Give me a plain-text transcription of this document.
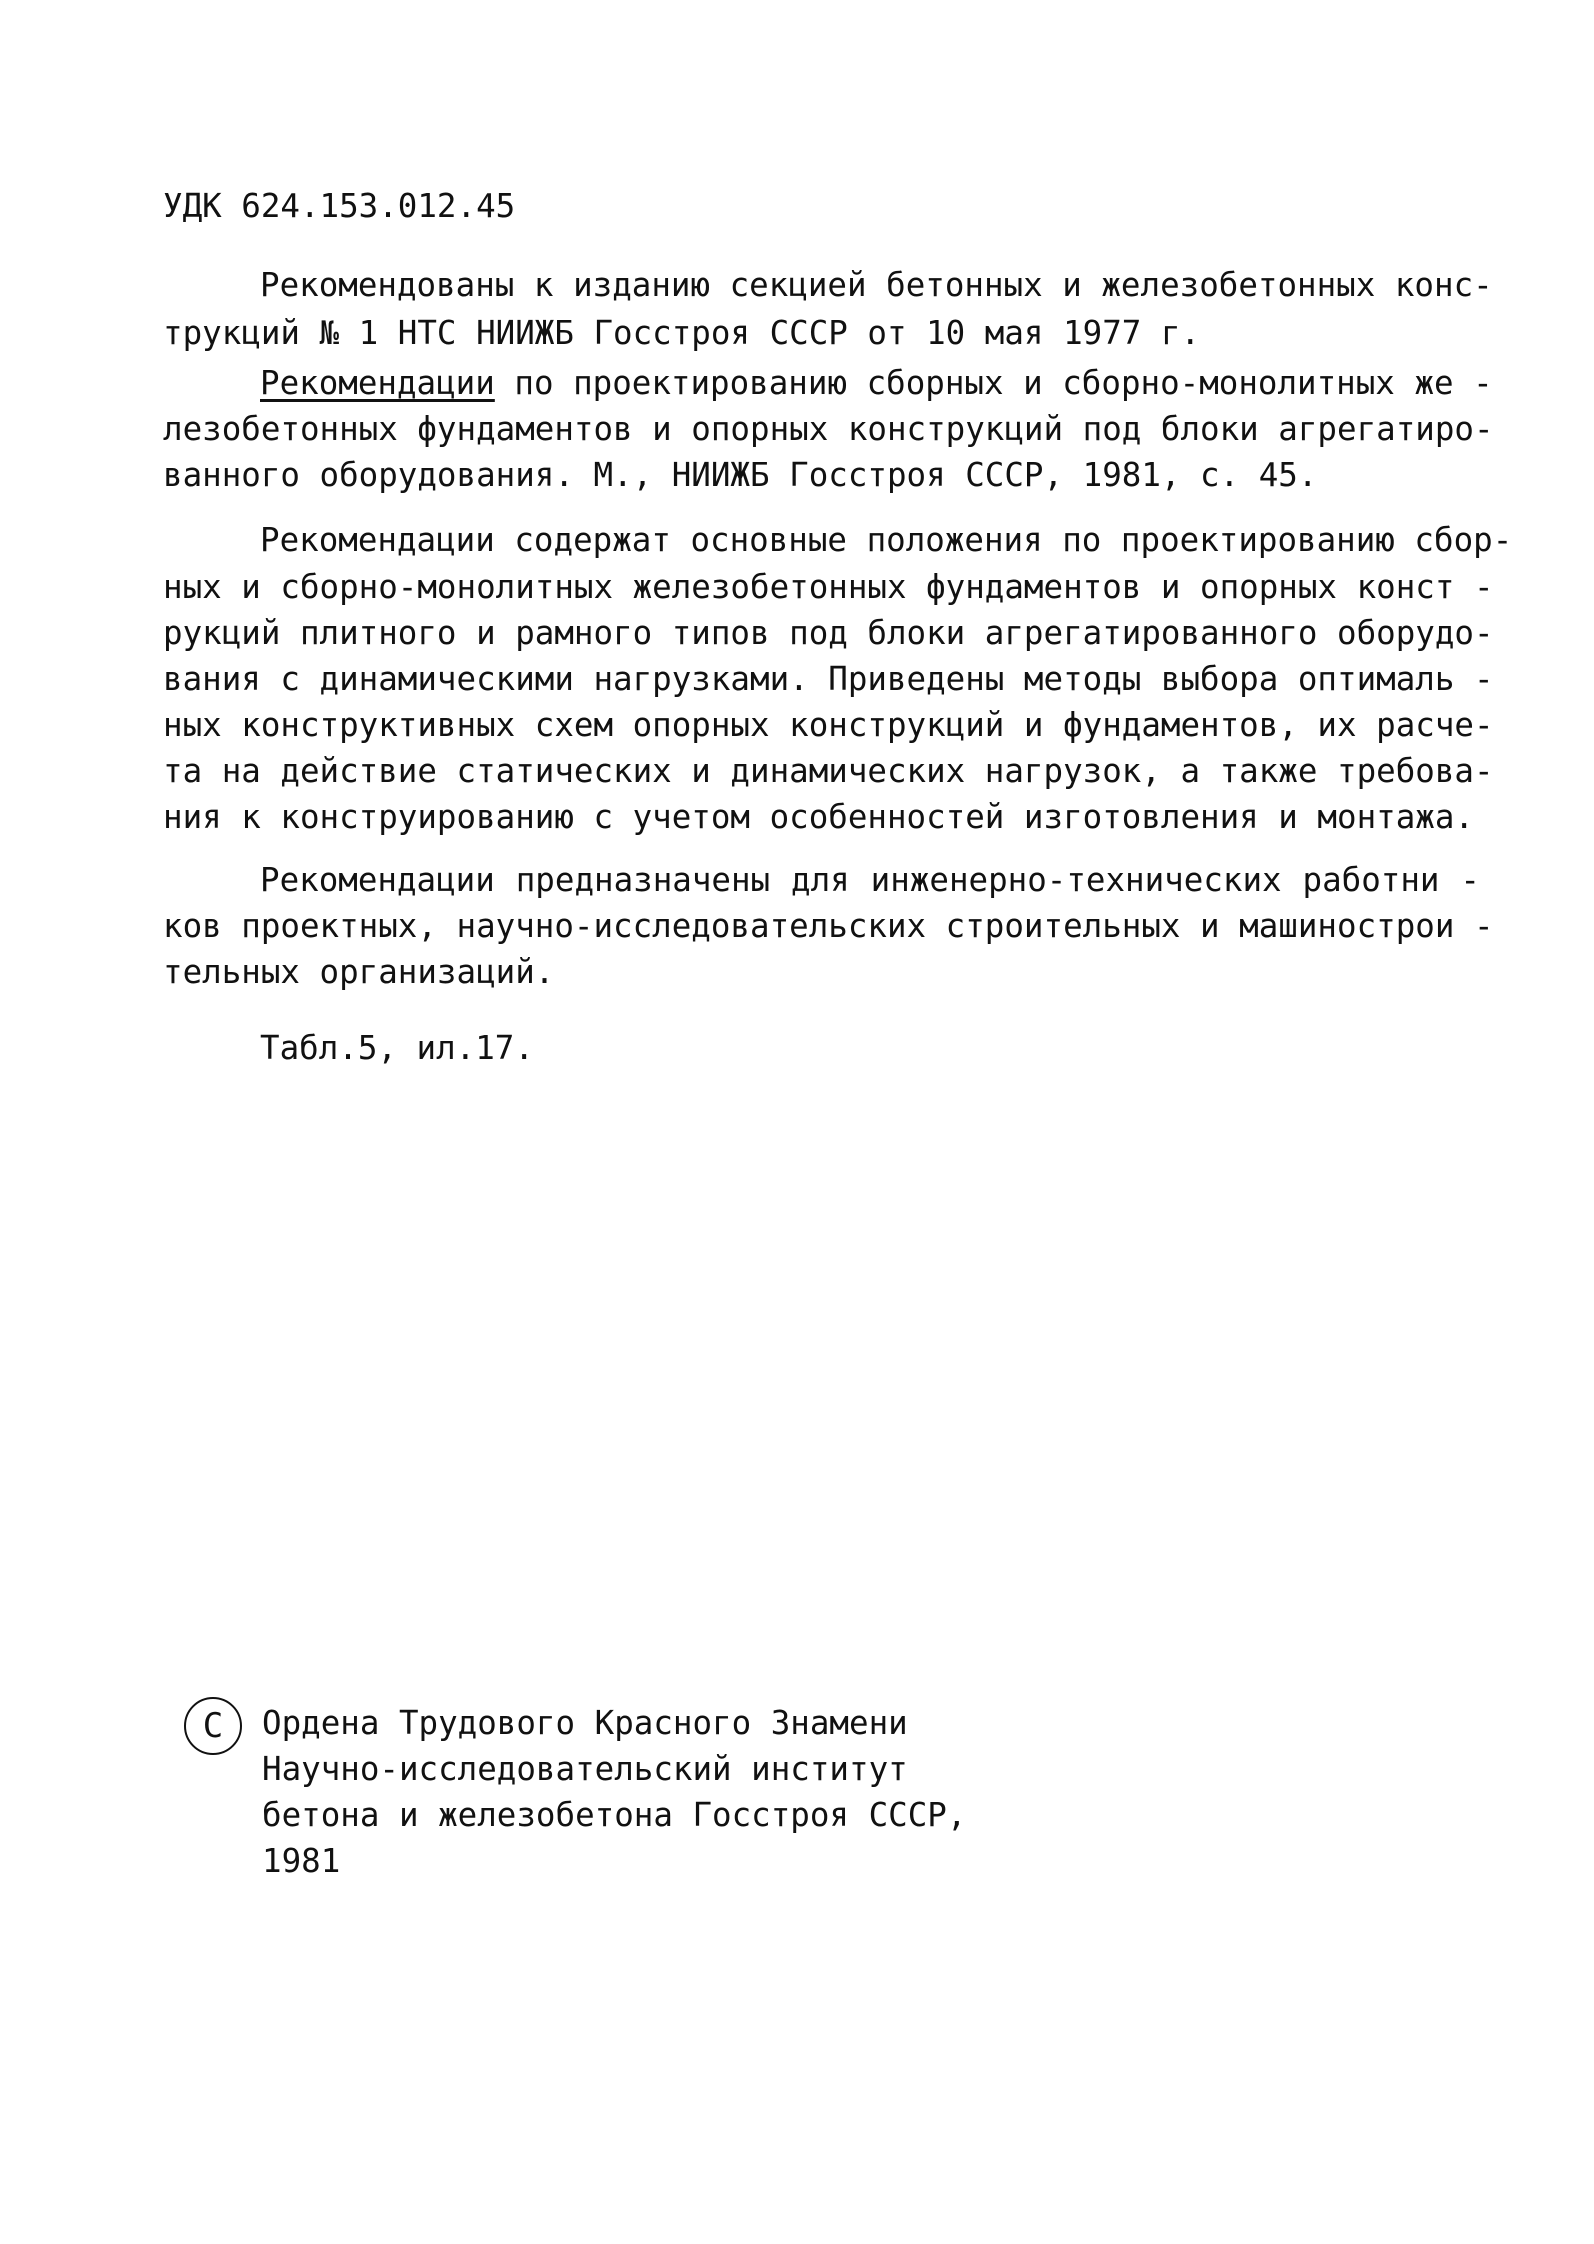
УДК 624.153.012.45
Рекомендованы к изданию секцией бетонных и железобетонных конс-
трукций № 1 НТС НИИЖБ Госстроя СССР от 10 мая 1977 г.
Рекомендации по проектированию сборных и сборно-монолитных же -
лезобетонных фундаментов и опорных конструкций под блоки агрегатиро-
ванного оборудования. М., НИИЖБ Госстроя СССР, 1981, с. 45.
Рекомендации содержат основные положения по проектированию сбор-
ных и сборно-монолитных железобетонных фундаментов и опорных конст -
рукций плитного и рамного типов под блоки агрегатированного оборудо-
вания с динамическими нагрузками. Приведены методы выбора оптималь -
ных конструктивных схем опорных конструкций и фундаментов, их расче-
та на действие статических и динамических нагрузок, а также требова-
ния к конструированию с учетом особенностей изготовления и монтажа.
Рекомендации предназначены для инженерно-технических работни -
ков проектных, научно-исследовательских строительных и машинострои -
тельных организаций.
Табл.5, ил.17.
С	Ордена Трудового Красного Знамени
Научно-исследовательский институт
бетона и железобетона Госстроя СССР,
1981
